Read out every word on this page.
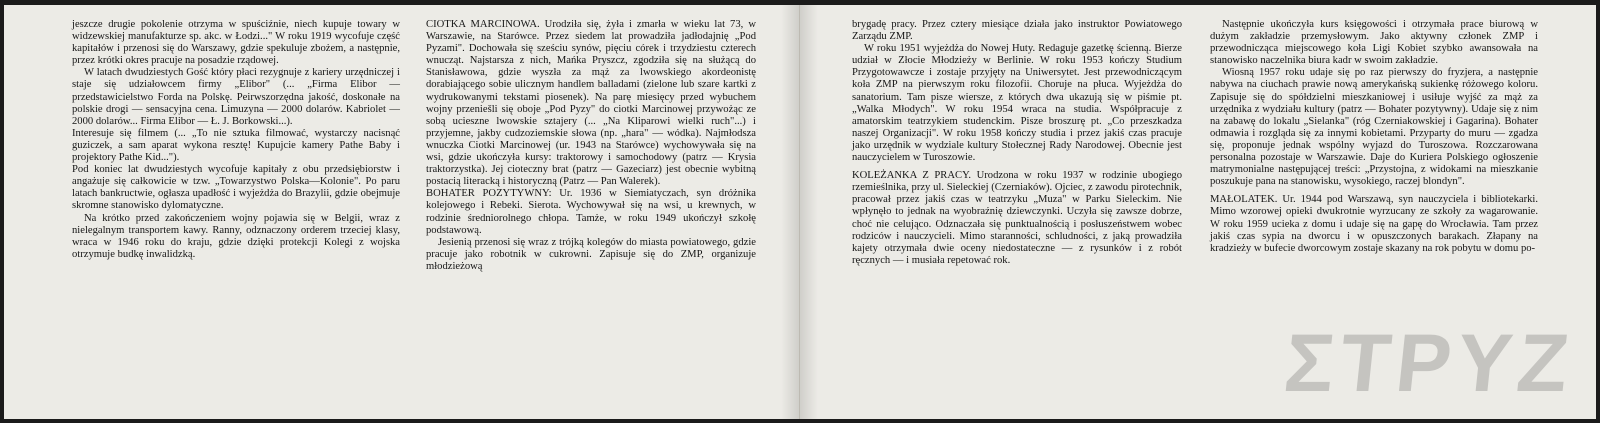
jeszcze drugie pokolenie otrzyma w spuściźnie, niech kupuje towary w widzewskiej manufakturze sp. akc. w Łodzi..." W roku 1919 wycofuje część kapitałów i przenosi się do Warszawy, gdzie spekuluje zbożem, a następnie, przez krótki okres pracuje na posadzie rządowej.

W latach dwudziestych Gość który płaci rezygnuje z kariery urzędniczej i staje się udziałowcem firmy „Elibor" (... „Firma Elibor — przedstawicielstwo Forda na Polskę. Peirwszorzędna jakość, doskonałe na polskie drogi — sensacyjna cena. Limuzyna — 2000 dolarów. Kabriolet — 2000 dolarów... Firma Elibor — Ł. J. Borkowski...).

Interesuje się filmem (... „To nie sztuka filmować, wystarczy nacisnąć guziczek, a sam aparat wykona resztę! Kupujcie kamery Pathe Baby i projektory Pathe Kid...").

Pod koniec lat dwudziestych wycofuje kapitały z obu przedsiębiorstw i angażuje się całkowicie w tzw. „Towarzystwo Polska—Kolonie". Po paru latach bankructwie, ogłasza upadłość i wyjeżdża do Brazylii, gdzie obejmuje skromne stanowisko dylomatyczne.

Na krótko przed zakończeniem wojny pojawia się w Belgii, wraz z nielegalnym transportem kawy. Ranny, odznaczony orderem trzeciej klasy, wraca w 1946 roku do kraju, gdzie dzięki protekcji Kolegi z wojska otrzymuje budkę inwalidzką.

CIOTKA MARCINOWA. Urodziła się, żyła i zmarła w wieku lat 73, w Warszawie, na Starówce. Przez siedem lat prowadziła jadłodajnię „Pod Pyzami". Dochowała się sześciu synów, pięciu córek i trzydziestu czterech wnucząt. Najstarsza z nich, Mańka Pryszcz, zgodziła się na służącą do Stanisławowa, gdzie wyszła za mąż za lwowskiego akordeonistę dorabiającego sobie ulicznym handlem balladami (zielone lub szare kartki z wydrukowanymi tekstami piosenek). Na parę miesięcy przed wybuchem wojny przeniešli się oboje „Pod Pyzy" do ciotki Marcinowej przywożąc ze sobą ucieszne lwowskie sztajery (... „Na Kliparowi wielki ruch"...) i przyjemne, jakby cudzoziemskie słowa (np. „hara" — wódka). Najmłodsza wnuczka Ciotki Marcinowej (ur. 1943 na Starówce) wychowywała się na wsi, gdzie ukończyła kursy: traktorowy i samochodowy (patrz — Krysia traktorzystka). Jej cioteczny brat (patrz — Gazeciarz) jest obecnie wybitną postacią literacką i historyczną (Patrz — Pan Walerek).

BOHATER POZYTYWNY: Ur. 1936 w Siemiatyczach, syn dróżnika kolejowego i Rebeki. Sierota. Wychowywał się na wsi, u krewnych, w rodzinie średniorolnego chłopa. Tamże, w roku 1949 ukończył szkołę podstawową.

Jesienią przenosi się wraz z trójką kolegów do miasta powiatowego, gdzie pracuje jako robotnik w cukrowni. Zapisuje się do ZMP, organizuje młodzieżową

brygadę pracy. Przez cztery miesiące działa jako instruktor Powiatowego Zarządu ZMP.

W roku 1951 wyjeżdża do Nowej Huty. Redaguje gazetkę ścienną. Bierze udział w Złocie Młodzieży w Berlinie. W roku 1953 kończy Studium Przygotowawcze i zostaje przyjęty na Uniwersytet. Jest przewodniczącym koła ZMP na pierwszym roku filozofii. Choruje na płuca. Wyjeżdża do sanatorium. Tam pisze wiersze, z których dwa ukazują się w piśmie pt. „Walka Młodych". W roku 1954 wraca na studia. Współpracuje z amatorskim teatrzykiem studenckim. Pisze broszurę pt. „Co przeszkadza naszej Organizacji". W roku 1958 kończy studia i przez jakiś czas pracuje jako urzędnik w wydziale kultury Stołecznej Rady Narodowej. Obecnie jest nauczycielem w Turoszowie.

KOLEŻANKA Z PRACY. Urodzona w roku 1937 w rodzinie ubogiego rzemieślnika, przy ul. Sieleckiej (Czerniaków). Ojciec, z zawodu pirotechnik, pracował przez jakiś czas w teatrzyku „Muza" w Parku Sieleckim. Nie wpłynęło to jednak na wyobraźnię dziewczynki. Uczyła się zawsze dobrze, choć nie celująco. Odznaczała się punktualnością i posłuszeństwem wobec rodziców i nauczycieli. Mimo staranności, schludności, z jaką prowadziła kajety otrzymała dwie oceny niedostateczne — z rysunków i z robót ręcznych — i musiała repetować rok.

Następnie ukończyła kurs księgowości i otrzymała prace biurową w dużym zakładzie przemysłowym. Jako aktywny członek ZMP i przewodnicząca miejscowego koła Ligi Kobiet szybko awansowała na stanowisko naczelnika biura kadr w swoim zakładzie.

Wiosną 1957 roku udaje się po raz pierwszy do fryzjera, a następnie nabywa na ciuchach prawie nową amerykańską sukienkę różowego koloru. Zapisuje się do spółdzielni mieszkaniowej i usiłuje wyjść za mąż za urzędnika z wydziału kultury (patrz — Bohater pozytywny). Udaje się z nim na zabawę do lokalu „Sielanka" (róg Czerniakowskiej i Gagarina). Bohater odmawia i rozgląda się za innymi kobietami. Przyparty do muru — zgadza się, proponuje jednak wspólny wyjazd do Turoszowa. Rozczarowana personalna pozostaje w Warszawie. Daje do Kuriera Polskiego ogłoszenie matrymonialne następującej treści: „Przystojna, z widokami na mieszkanie poszukuje pana na stanowisku, wysokiego, raczej blondyn".

MAŁOLATEK. Ur. 1944 pod Warszawą, syn nauczyciela i bibliotekarki. Mimo wzorowej opieki dwukrotnie wyrzucany ze szkoły za wagarowanie. W roku 1959 ucieka z domu i udaje się na gapę do Wrocławia. Tam przez jakiś czas sypia na dworcu i w opuszczonych barakach. Złapany na kradzieży w bufecie dworcowym zostaje skazany na rok pobytu w domu po-

ΣΤΡΥΖ
